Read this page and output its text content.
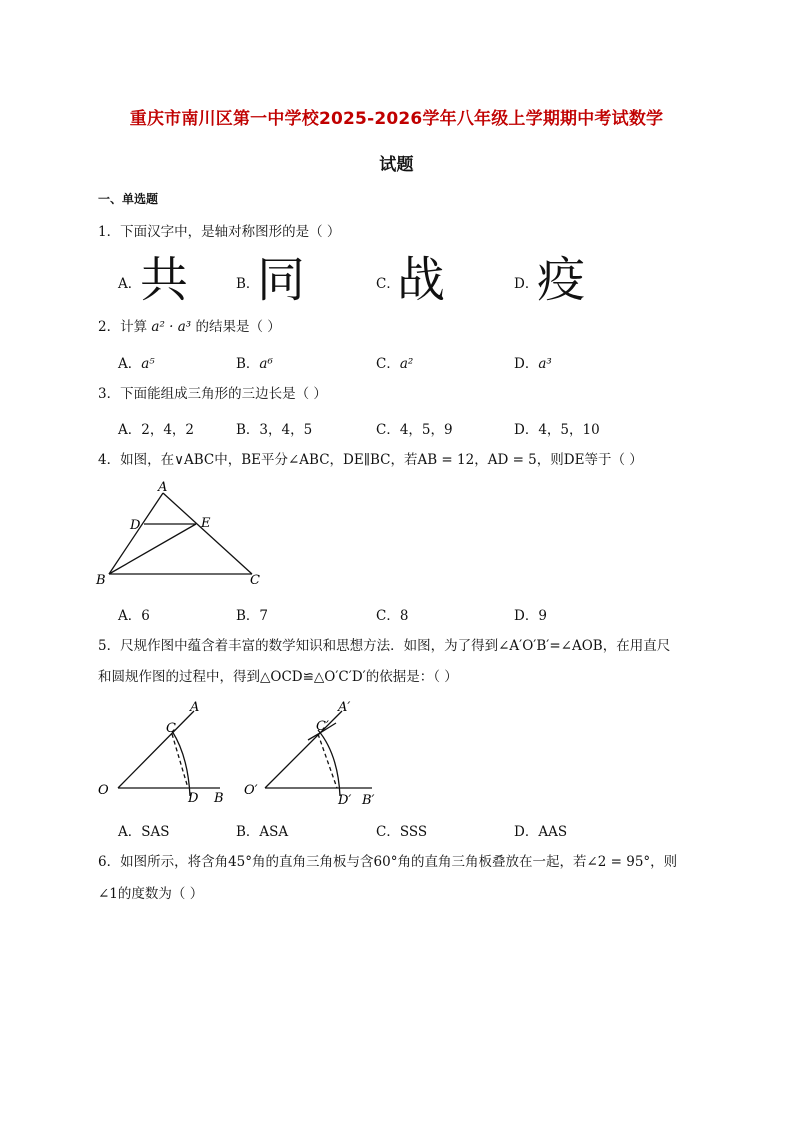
重庆市南川区第一中学校2025-2026学年八年级上学期期中考试数学
试题
一、单选题
1．下面汉字中，是轴对称图形的是（ ）
A．
共	B．
同	C．
战	D．
疫
2．计算 a² · a³ 的结果是（ ）
A．a⁵	B．a⁶	C．a²	D．a³
3．下面能组成三角形的三边长是（ ）
A．2，4，2	B．3，4，5	C．4，5，9	D．4，5，10
4．如图，在∨ABC中，BE平分∠ABC，DE∥BC，若AB = 12，AD = 5，则DE等于（ ）
A
D	E
B	C
A．6	B．7	C．8	D．9
5．尺规作图中蕴含着丰富的数学知识和思想方法．如图，为了得到∠A′O′B′=∠AOB，在用直尺
和圆规作图的过程中，得到△OCD≌△O′C′D′的依据是：（ ）
A
C
O
D B
A′
C′
O′
D′ B′
A．SAS	B．ASA	C．SSS	D．AAS
6．如图所示，将含角45°角的直角三角板与含60°角的直角三角板叠放在一起，若∠2 = 95°，则
∠1的度数为（ ）
